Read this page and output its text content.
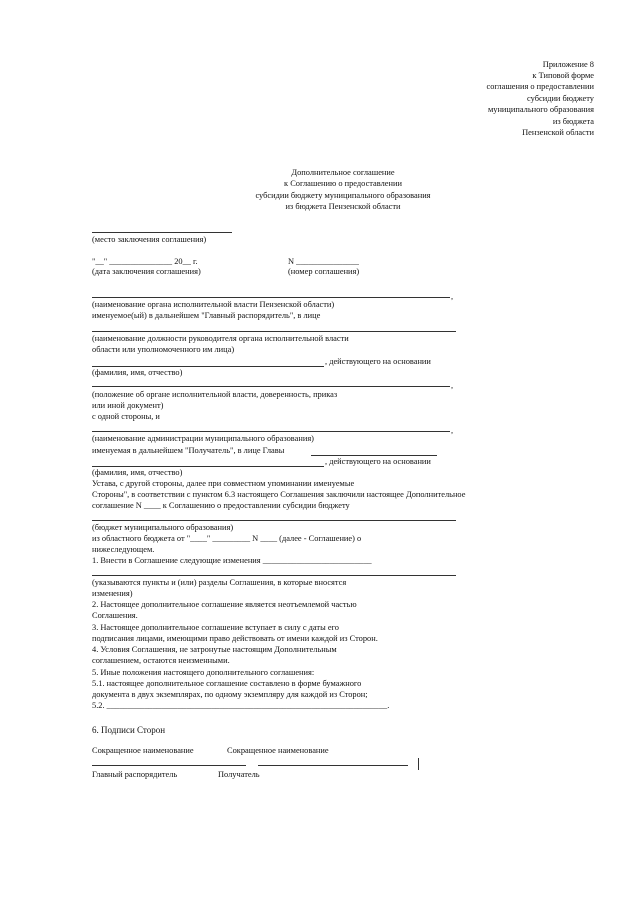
Приложение 8
к Типовой форме
соглашения о предоставлении
субсидии бюджету
муниципального образования
из бюджета
Пензенской области
Дополнительное соглашение
к Соглашению о предоставлении
субсидии бюджету муниципального образования
из бюджета Пензенской области
(место заключения соглашения)
"__" _______________ 20__ г.	N _______________
(дата заключения соглашения)	(номер соглашения)
,
(наименование органа исполнительной власти Пензенской области)
именуемое(ый) в дальнейшем "Главный распорядитель", в лице
(наименование должности руководителя органа исполнительной власти
области или уполномоченного им лица)
, действующего на основании
(фамилия, имя, отчество)
,
(положение об органе исполнительной власти, доверенность, приказ
или иной документ)
с одной стороны, и
,
(наименование администрации муниципального образования)
именуемая в дальнейшем "Получатель", в лице Главы
, действующего на основании
(фамилия, имя, отчество)
Устава, с другой стороны, далее при совместном упоминании именуемые
Стороны", в соответствии с пунктом 6.3 настоящего Соглашения заключили настоящее Дополнительное
соглашение N ____ к Соглашению о предоставлении субсидии бюджету
(бюджет муниципального образования)
из областного бюджета от "____" _________ N ____ (далее - Соглашение) о
нижеследующем.
1. Внести в Соглашение следующие изменения __________________________
(указываются пункты и (или) разделы Соглашения, в которые вносятся
изменения)
2. Настоящее дополнительное соглашение является неотъемлемой частью
Соглашения.
3. Настоящее дополнительное соглашение вступает в силу с даты его
подписания лицами, имеющими право действовать от имени каждой из Сторон.
4. Условия Соглашения, не затронутые настоящим Дополнительным
соглашением, остаются неизменными.
5. Иные положения настоящего дополнительного соглашения:
5.1. настоящее дополнительное соглашение составлено в форме бумажного
документа в двух экземплярах, по одному экземпляру для каждой из Сторон;
5.2. ___________________________________________________________________.
6. Подписи Сторон
Сокращенное наименование	Сокращенное наименование
Главный распорядитель	Получатель
